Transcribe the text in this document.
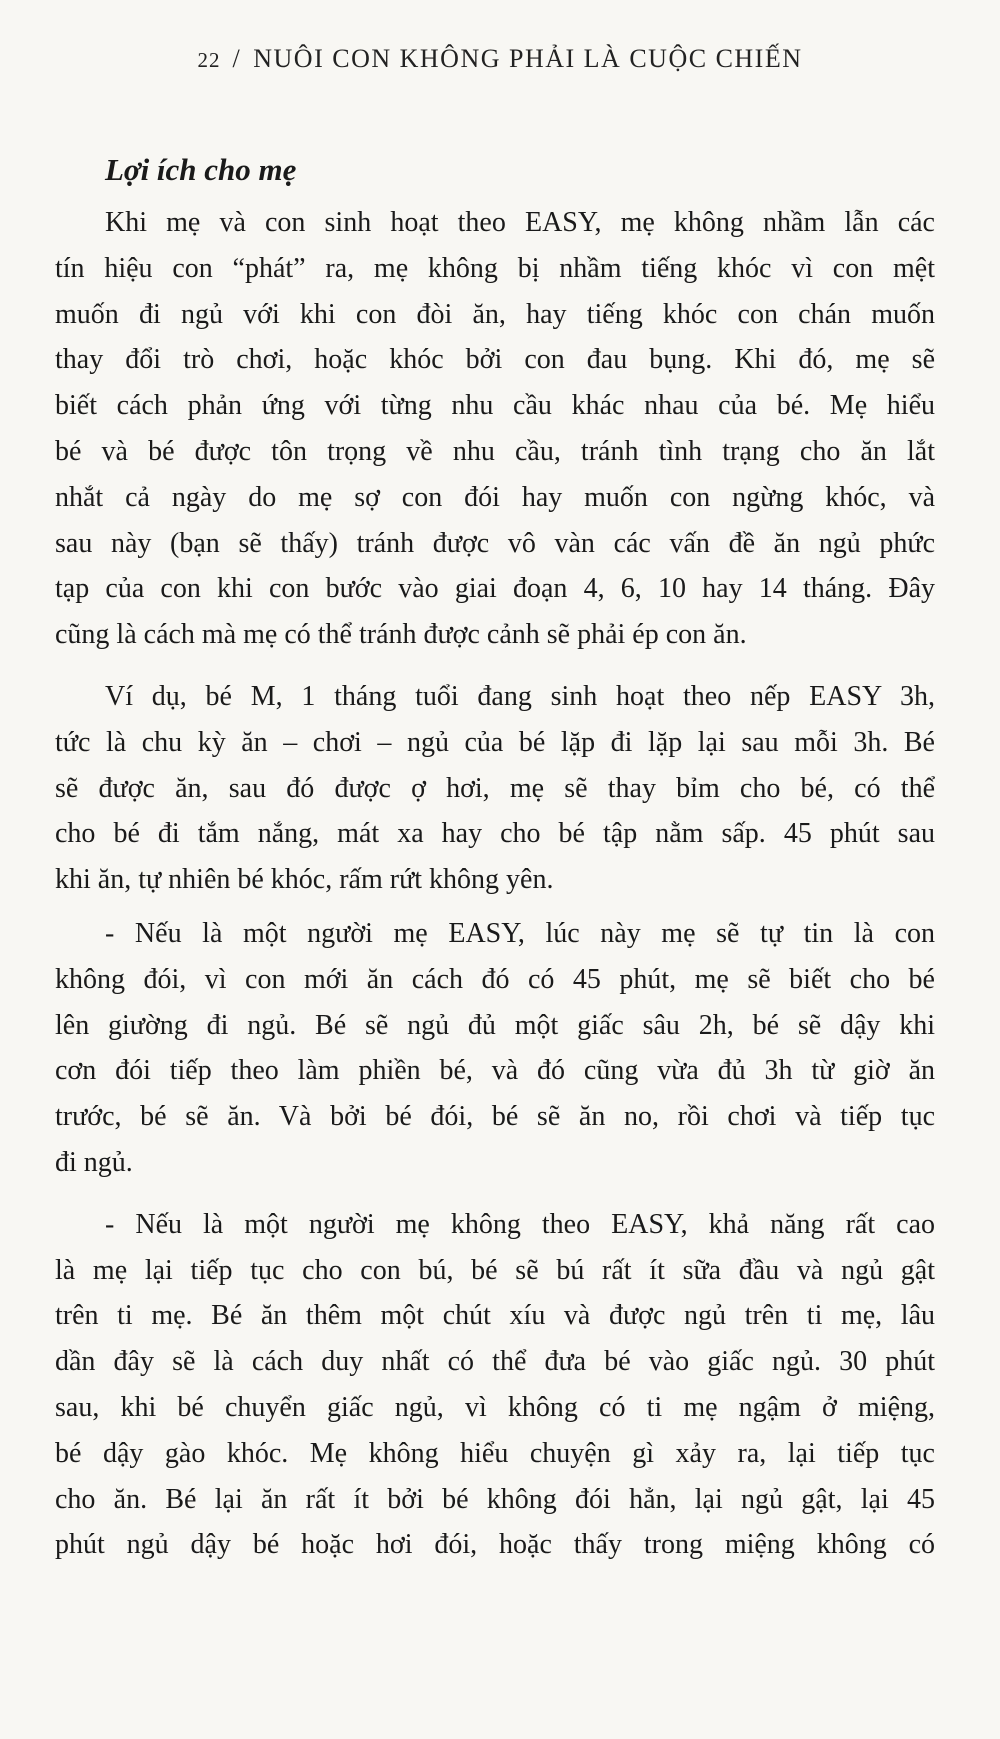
22 / NUÔI CON KHÔNG PHẢI LÀ CUỘC CHIẾN
Lợi ích cho mẹ

Khi mẹ và con sinh hoạt theo EASY, mẹ không nhầm lẫn các
tín hiệu con “phát” ra, mẹ không bị nhầm tiếng khóc vì con mệt
muốn đi ngủ với khi con đòi ăn, hay tiếng khóc con chán muốn
thay đổi trò chơi, hoặc khóc bởi con đau bụng. Khi đó, mẹ sẽ
biết cách phản ứng với từng nhu cầu khác nhau của bé. Mẹ hiểu
bé và bé được tôn trọng về nhu cầu, tránh tình trạng cho ăn lắt
nhắt cả ngày do mẹ sợ con đói hay muốn con ngừng khóc, và
sau này (bạn sẽ thấy) tránh được vô vàn các vấn đề ăn ngủ phức
tạp của con khi con bước vào giai đoạn 4, 6, 10 hay 14 tháng. Đây
cũng là cách mà mẹ có thể tránh được cảnh sẽ phải ép con ăn.

Ví dụ, bé M, 1 tháng tuổi đang sinh hoạt theo nếp EASY 3h,
tức là chu kỳ ăn – chơi – ngủ của bé lặp đi lặp lại sau mỗi 3h. Bé
sẽ được ăn, sau đó được ợ hơi, mẹ sẽ thay bỉm cho bé, có thể
cho bé đi tắm nắng, mát xa hay cho bé tập nằm sấp. 45 phút sau
khi ăn, tự nhiên bé khóc, rấm rứt không yên.

- Nếu là một người mẹ EASY, lúc này mẹ sẽ tự tin là con
không đói, vì con mới ăn cách đó có 45 phút, mẹ sẽ biết cho bé
lên giường đi ngủ. Bé sẽ ngủ đủ một giấc sâu 2h, bé sẽ dậy khi
cơn đói tiếp theo làm phiền bé, và đó cũng vừa đủ 3h từ giờ ăn
trước, bé sẽ ăn. Và bởi bé đói, bé sẽ ăn no, rồi chơi và tiếp tục
đi ngủ.

- Nếu là một người mẹ không theo EASY, khả năng rất cao
là mẹ lại tiếp tục cho con bú, bé sẽ bú rất ít sữa đầu và ngủ gật
trên ti mẹ. Bé ăn thêm một chút xíu và được ngủ trên ti mẹ, lâu
dần đây sẽ là cách duy nhất có thể đưa bé vào giấc ngủ. 30 phút
sau, khi bé chuyển giấc ngủ, vì không có ti mẹ ngậm ở miệng,
bé dậy gào khóc. Mẹ không hiểu chuyện gì xảy ra, lại tiếp tục
cho ăn. Bé lại ăn rất ít bởi bé không đói hẳn, lại ngủ gật, lại 45
phút ngủ dậy bé hoặc hơi đói, hoặc thấy trong miệng không có
